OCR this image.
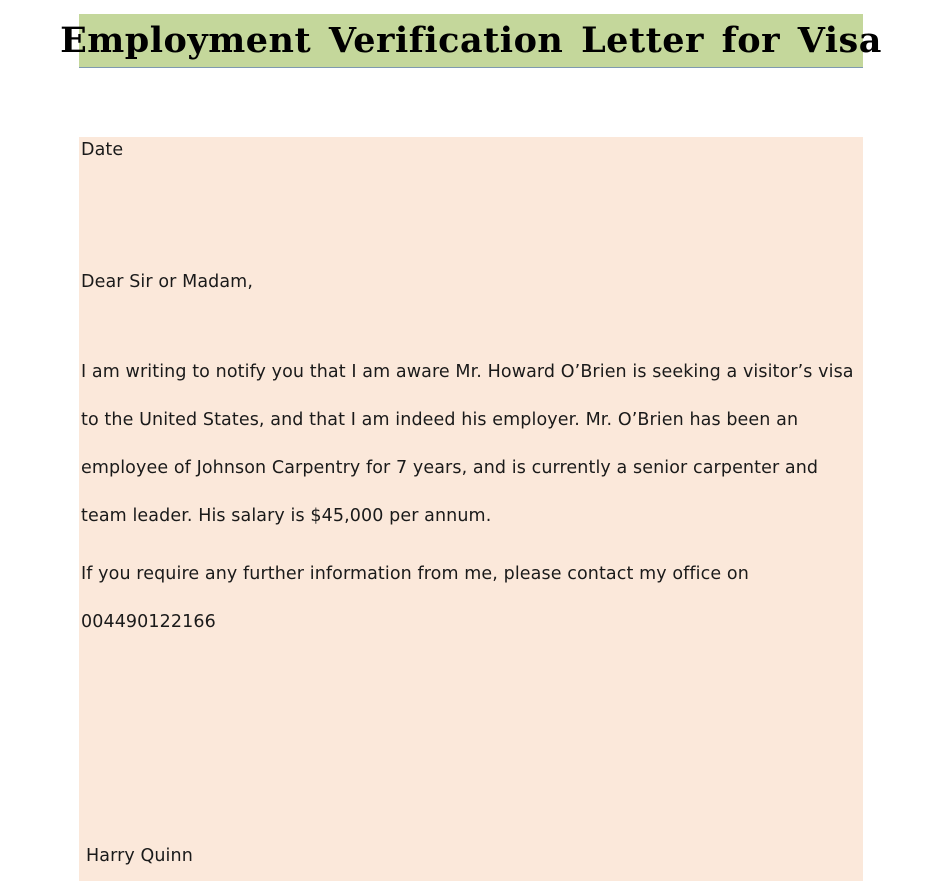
Employment Verification Letter for Visa
Date
Dear Sir or Madam,
I am writing to notify you that I am aware Mr. Howard O’Brien is seeking a visitor’s visa
to the United States, and that I am indeed his employer. Mr. O’Brien has been an
employee of Johnson Carpentry for 7 years, and is currently a senior carpenter and
team leader. His salary is $45,000 per annum.
If you require any further information from me, please contact my office on
004490122166
Harry Quinn
